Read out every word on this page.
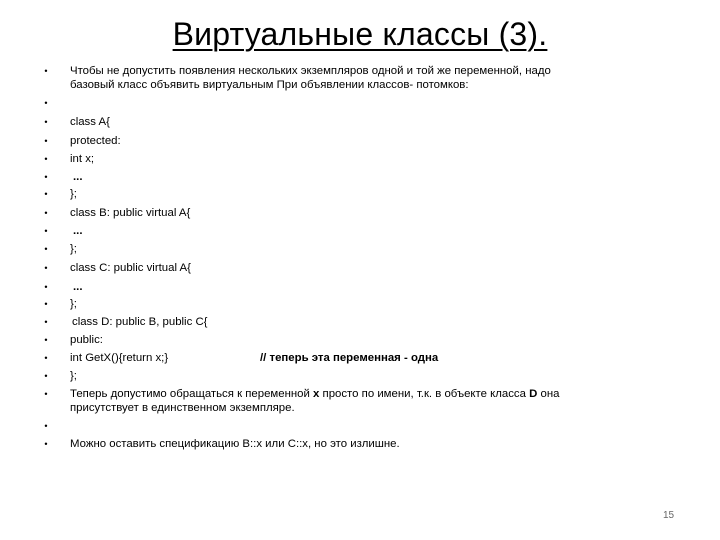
Виртуальные классы (3).
•	Чтобы не допустить появления нескольких экземпляров одной и той же переменной, надо
базовый класс объявить виртуальным При объявлении классов- потомков:
•
•	class A{
•	protected:
•	int x;
•	...
•	};
•	class B: public virtual A{
•	...
•	};
•	class C: public virtual A{
•	...
•	};
•	class D: public B, public C{
•	public:
•	int GetX(){return x;}	// теперь эта переменная - одна
•	};
•	Теперь допустимо обращаться к переменной x просто по имени, т.к. в объекте класса D она
присутствует в единственном экземпляре.
•
•	Можно оставить спецификацию B::x или C::x, но это излишне.
15
